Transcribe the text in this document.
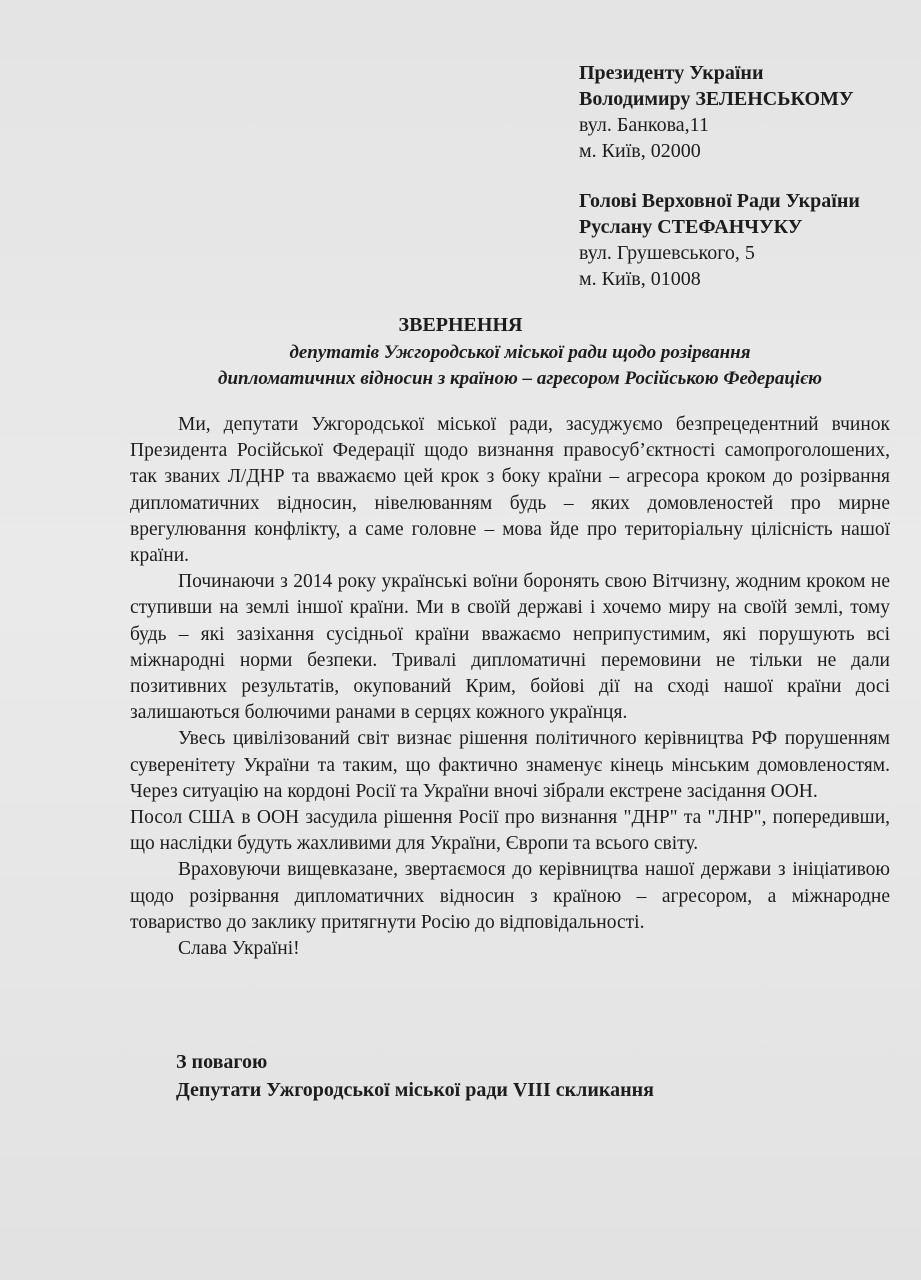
Президенту України
Володимиру ЗЕЛЕНСЬКОМУ
вул. Банкова,11
м. Київ, 02000
Голові Верховної Ради України
Руслану СТЕФАНЧУКУ
вул. Грушевського, 5
м. Київ, 01008
ЗВЕРНЕННЯ
депутатів Ужгородської міської ради щодо розірвання
дипломатичних відносин з країною – агресором Російською Федерацією

Ми, депутати Ужгородської міської ради, засуджуємо безпрецедентний вчинок Президента Російської Федерації щодо визнання правосуб’єктності самопроголошених, так званих Л/ДНР та вважаємо цей крок з боку країни – агресора кроком до розірвання дипломатичних відносин, нівелюванням будь – яких домовленостей про мирне врегулювання конфлікту, а саме головне – мова йде про територіальну цілісність нашої країни.

Починаючи з 2014 року українські воїни боронять свою Вітчизну, жодним кроком не ступивши на землі іншої країни. Ми в своїй державі і хочемо миру на своїй землі, тому будь – які зазіхання сусідньої країни вважаємо неприпустимим, які порушують всі міжнародні норми безпеки. Тривалі дипломатичні перемовини не тільки не дали позитивних результатів, окупований Крим, бойові дії на сході нашої країни досі залишаються болючими ранами в серцях кожного українця.

Увесь цивілізований світ визнає рішення політичного керівництва РФ порушенням суверенітету України та таким, що фактично знаменує кінець мінським домовленостям. Через ситуацію на кордоні Росії та України вночі зібрали екстрене засідання ООН.

Посол США в ООН засудила рішення Росії про визнання "ДНР" та "ЛНР", попередивши, що наслідки будуть жахливими для України, Європи та всього світу.

Враховуючи вищевказане, звертаємося до керівництва нашої держави з ініціативою щодо розірвання дипломатичних відносин з країною – агресором, а міжнародне товариство до заклику притягнути Росію до відповідальності.

Слава Україні!

З повагою
Депутати Ужгородської міської ради VIII скликання
